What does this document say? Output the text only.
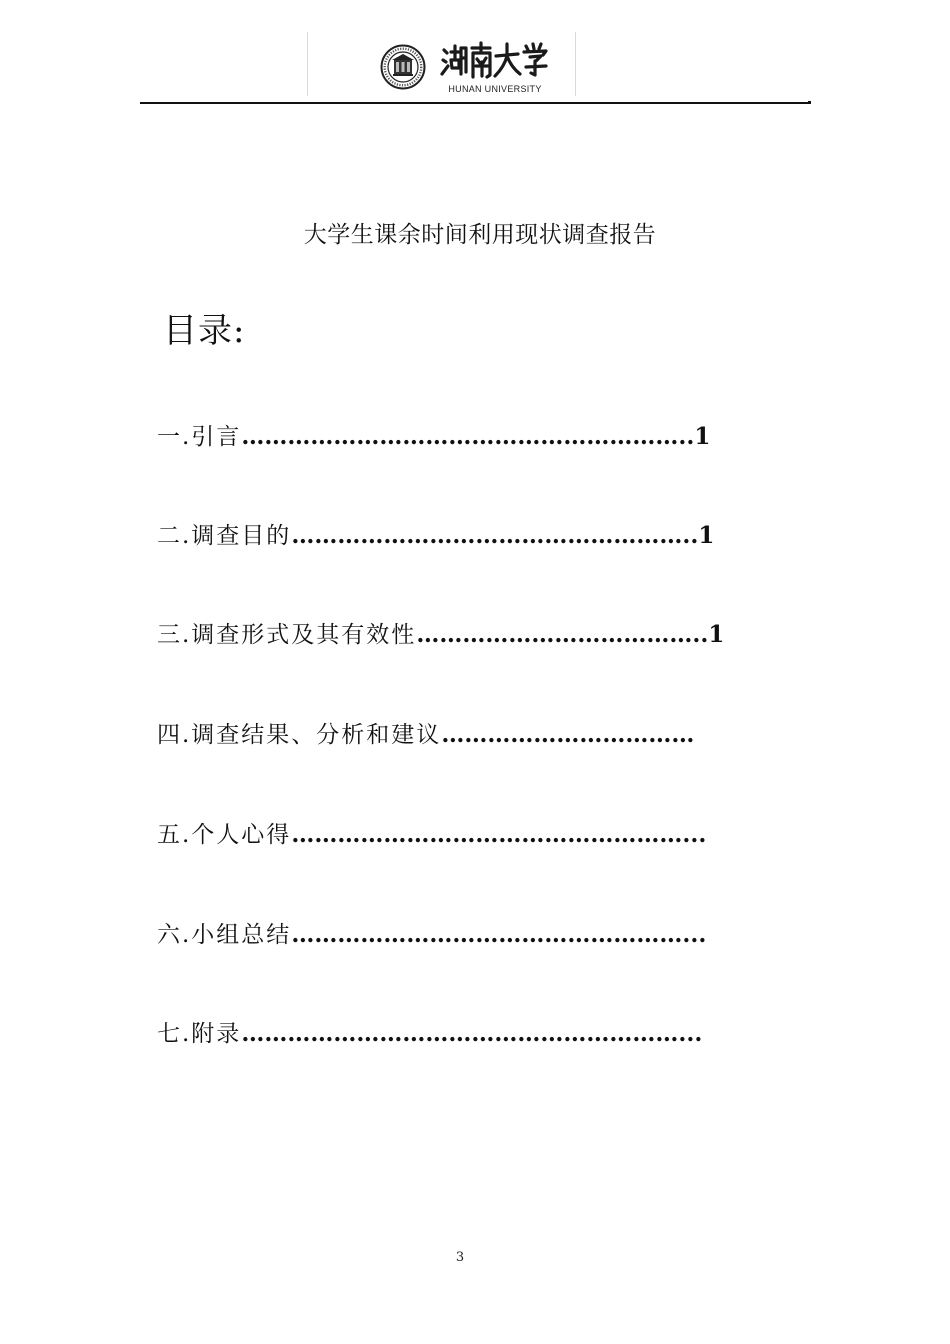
HUNAN UNIVERSITY
大学生课余时间利用现状调查报告
目录:
一.引言…………………………………………………..1
二.调查目的……………………………………………..1
三.调查形式及其有效性………………………………..1
四.调查结果、分析和建议……………………………
五.个人心得……………………………………………...
六.小组总结……………………………………………...
七.附录…………………………………………………...
3
